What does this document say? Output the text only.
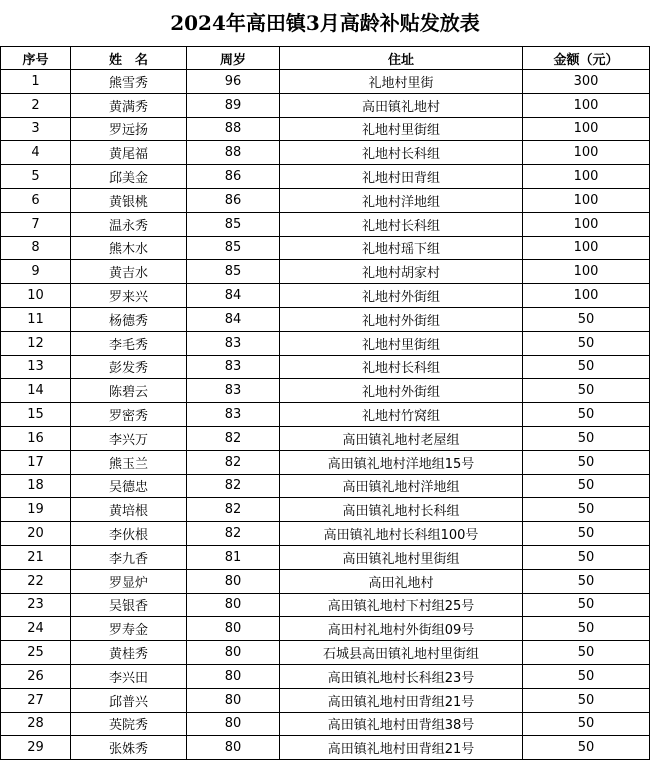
2024年高田镇3月高龄补贴发放表
序号	姓　名	周岁	住址	金额（元）
1	熊雪秀	96	礼地村里街	300
2	黄满秀	89	高田镇礼地村	100
3	罗远扬	88	礼地村里街组	100
4	黄尾福	88	礼地村长科组	100
5	邱美金	86	礼地村田背组	100
6	黄银桃	86	礼地村洋地组	100
7	温永秀	85	礼地村长科组	100
8	熊木水	85	礼地村瑶下组	100
9	黄吉水	85	礼地村胡家村	100
10	罗来兴	84	礼地村外街组	100
11	杨德秀	84	礼地村外街组	50
12	李毛秀	83	礼地村里街组	50
13	彭发秀	83	礼地村长科组	50
14	陈碧云	83	礼地村外街组	50
15	罗密秀	83	礼地村竹窝组	50
16	李兴万	82	高田镇礼地村老屋组	50
17	熊玉兰	82	高田镇礼地村洋地组15号	50
18	吴德忠	82	高田镇礼地村洋地组	50
19	黄培根	82	高田镇礼地村长科组	50
20	李伙根	82	高田镇礼地村长科组100号	50
21	李九香	81	高田镇礼地村里街组	50
22	罗显炉	80	高田礼地村	50
23	吴银香	80	高田镇礼地村下村组25号	50
24	罗寿金	80	高田村礼地村外街组09号	50
25	黄桂秀	80	石城县高田镇礼地村里街组	50
26	李兴田	80	高田镇礼地村长科组23号	50
27	邱普兴	80	高田镇礼地村田背组21号	50
28	英院秀	80	高田镇礼地村田背组38号	50
29	张姝秀	80	高田镇礼地村田背组21号	50
